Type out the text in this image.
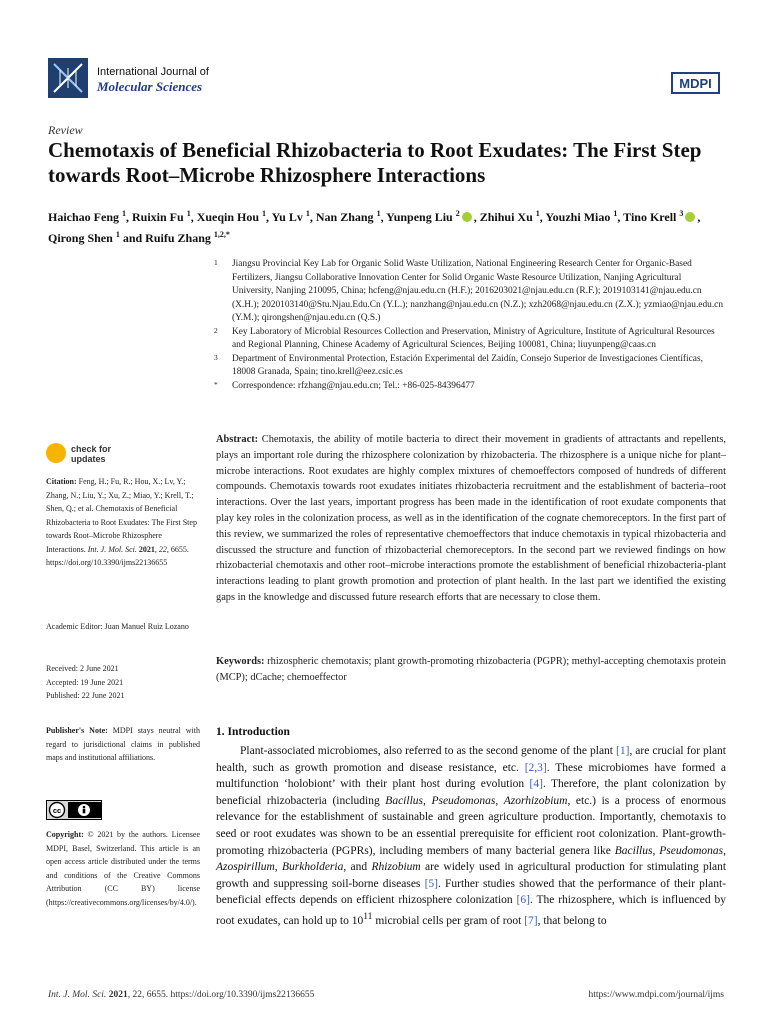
International Journal of
Molecular Sciences	MDPI
Review
Chemotaxis of Beneficial Rhizobacteria to Root Exudates: The First Step towards Root–Microbe Rhizosphere Interactions
Haichao Feng $^1$, Ruixin Fu $^1$, Xueqin Hou $^1$, Yu Lv $^1$, Nan Zhang $^1$, Yunpeng Liu $^2$ , Zhihui Xu $^1$, Youzhi Miao $^1$, Tino Krell $^3$ , Qirong Shen $^1$ and Ruifu Zhang $^{1,2,*}$

1 Jiangsu Provincial Key Lab for Organic Solid Waste Utilization, National Engineering Research Center for Organic-Based Fertilizers, Jiangsu Collaborative Innovation Center for Solid Organic Waste Resource Utilization, Nanjing Agricultural University, Nanjing 210095, China; hcfeng@njau.edu.cn (H.F.); 2016203021@njau.edu.cn (R.F.); 2019103141@njau.edu.cn (X.H.); 2020103140@Stu.Njau.Edu.Cn (Y.L.); nanzhang@njau.edu.cn (N.Z.); xzh2068@njau.edu.cn (Z.X.); yzmiao@njau.edu.cn (Y.M.); qirongshen@njau.edu.cn (Q.S.)

2 Key Laboratory of Microbial Resources Collection and Preservation, Ministry of Agriculture, Institute of Agricultural Resources and Regional Planning, Chinese Academy of Agricultural Sciences, Beijing 100081, China; liuyunpeng@caas.cn

3 Department of Environmental Protection, Estación Experimental del Zaidín, Consejo Superior de Investigaciones Científicas, 18008 Granada, Spain; tino.krell@eez.csic.es

* Correspondence: rfzhang@njau.edu.cn; Tel.: +86-025-84396477

check for
updates
Citation: Feng, H.; Fu, R.; Hou, X.; Lv, Y.; Zhang, N.; Liu, Y.; Xu, Z.; Miao, Y.; Krell, T.; Shen, Q.; et al. Chemotaxis of Beneficial Rhizobacteria to Root Exudates: The First Step towards Root–Microbe Rhizosphere Interactions. Int. J. Mol. Sci. 2021, 22, 6655. https://doi.org/10.3390/ijms22136655
Academic Editor: Juan Manuel Ruiz Lozano
Received: 2 June 2021
Accepted: 19 June 2021
Published: 22 June 2021
Publisher's Note: MDPI stays neutral with regard to jurisdictional claims in published maps and institutional affiliations.
cc
Copyright: © 2021 by the authors. Licensee MDPI, Basel, Switzerland. This article is an open access article distributed under the terms and conditions of the Creative Commons Attribution (CC BY) license (https://creativecommons.org/licenses/by/4.0/).
Abstract: Chemotaxis, the ability of motile bacteria to direct their movement in gradients of attractants and repellents, plays an important role during the rhizosphere colonization by rhizobacteria. The rhizosphere is a unique niche for plant–microbe interactions. Root exudates are highly complex mixtures of chemoeffectors composed of hundreds of different compounds. Chemotaxis towards root exudates initiates rhizobacteria recruitment and the establishment of bacteria–root interactions. Over the last years, important progress has been made in the identification of root exudate components that play key roles in the colonization process, as well as in the identification of the cognate chemoreceptors. In the first part of this review, we summarized the roles of representative chemoeffectors that induce chemotaxis in typical rhizobacteria and discussed the structure and function of rhizobacterial chemoreceptors. In the second part we reviewed findings on how rhizobacterial chemotaxis and other root–microbe interactions promote the establishment of beneficial rhizobacteria-plant interactions leading to plant growth promotion and protection of plant health. In the last part we identified the existing gaps in the knowledge and discussed future research efforts that are necessary to close them.
Keywords: rhizospheric chemotaxis; plant growth-promoting rhizobacteria (PGPR); methyl-accepting chemotaxis protein (MCP); dCache; chemoeffector
1. Introduction
Plant-associated microbiomes, also referred to as the second genome of the plant [1], are crucial for plant health, such as growth promotion and disease resistance, etc. [2,3]. These microbiomes have formed a multifunction ‘holobiont’ with their plant host during evolution [4]. Therefore, the plant colonization by beneficial rhizobacteria (including Bacillus, Pseudomonas, Azorhizobium, etc.) is a process of enormous relevance for the establishment of sustainable and green agriculture production. Importantly, chemotaxis to seed or root exudates was shown to be an essential prerequisite for efficient root colonization. Plant-growth-promoting rhizobacteria (PGPRs), including members of many bacterial genera like Bacillus, Pseudomonas, Azospirillum, Burkholderia, and Rhizobium are widely used in agricultural production for stimulating plant growth and suppressing soil-borne diseases [5]. Further studies showed that the performance of their plant-beneficial effects depends on efficient rhizosphere colonization [6]. The rhizosphere, which is influenced by root exudates, can hold up to $10^{11}$ microbial cells per gram of root [7], that belong to
Int. J. Mol. Sci. 2021, 22, 6655. https://doi.org/10.3390/ijms22136655	https://www.mdpi.com/journal/ijms
